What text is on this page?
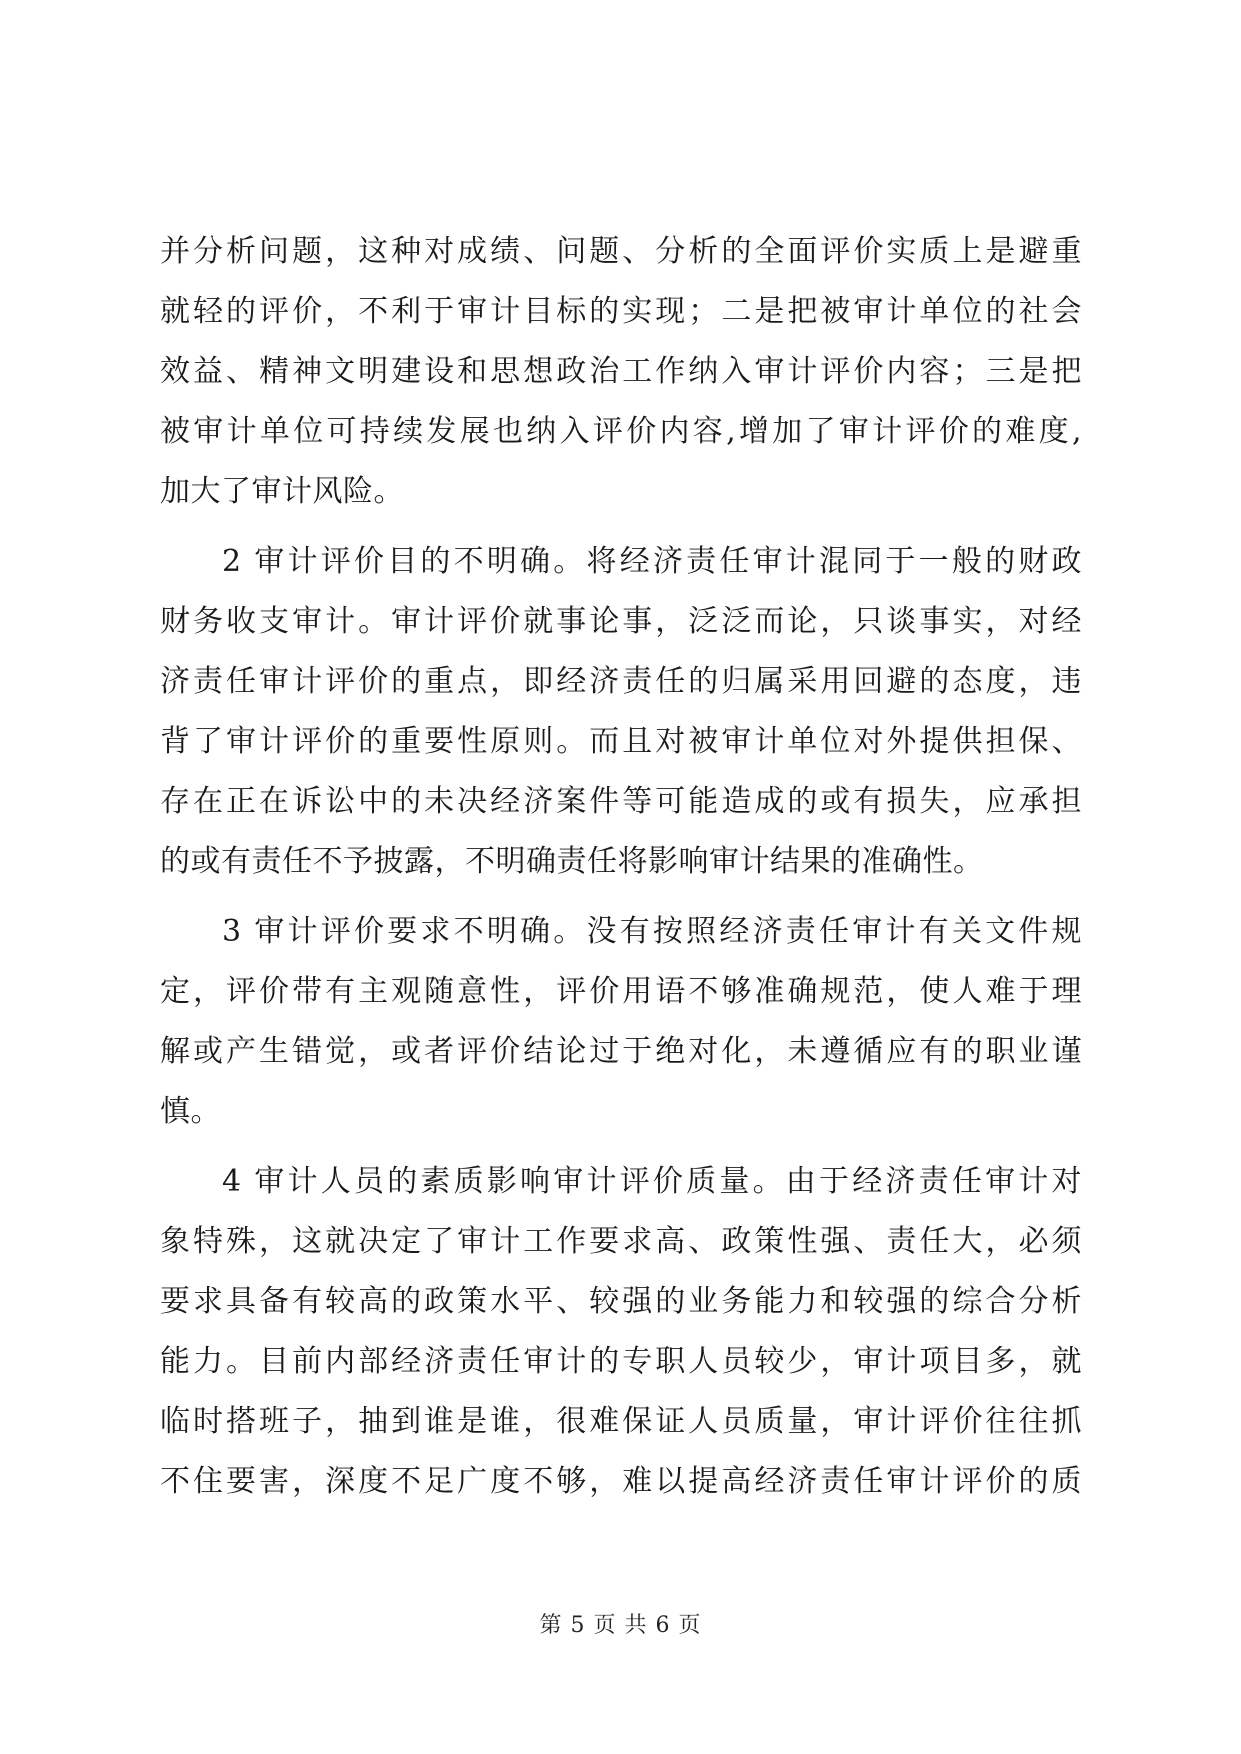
并分析问题，这种对成绩、问题、分析的全面评价实质上是避重
就轻的评价，不利于审计目标的实现；二是把被审计单位的社会
效益、精神文明建设和思想政治工作纳入审计评价内容；三是把
被审计单位可持续发展也纳入评价内容,增加了审计评价的难度,
加大了审计风险。
2 审计评价目的不明确。将经济责任审计混同于一般的财政
财务收支审计。审计评价就事论事，泛泛而论，只谈事实，对经
济责任审计评价的重点，即经济责任的归属采用回避的态度，违
背了审计评价的重要性原则。而且对被审计单位对外提供担保、
存在正在诉讼中的未决经济案件等可能造成的或有损失，应承担
的或有责任不予披露，不明确责任将影响审计结果的准确性。
3 审计评价要求不明确。没有按照经济责任审计有关文件规
定，评价带有主观随意性，评价用语不够准确规范，使人难于理
解或产生错觉，或者评价结论过于绝对化，未遵循应有的职业谨
慎。
4 审计人员的素质影响审计评价质量。由于经济责任审计对
象特殊，这就决定了审计工作要求高、政策性强、责任大，必须
要求具备有较高的政策水平、较强的业务能力和较强的综合分析
能力。目前内部经济责任审计的专职人员较少，审计项目多，就
临时搭班子，抽到谁是谁，很难保证人员质量，审计评价往往抓
不住要害，深度不足广度不够，难以提高经济责任审计评价的质
第 5 页 共 6 页
